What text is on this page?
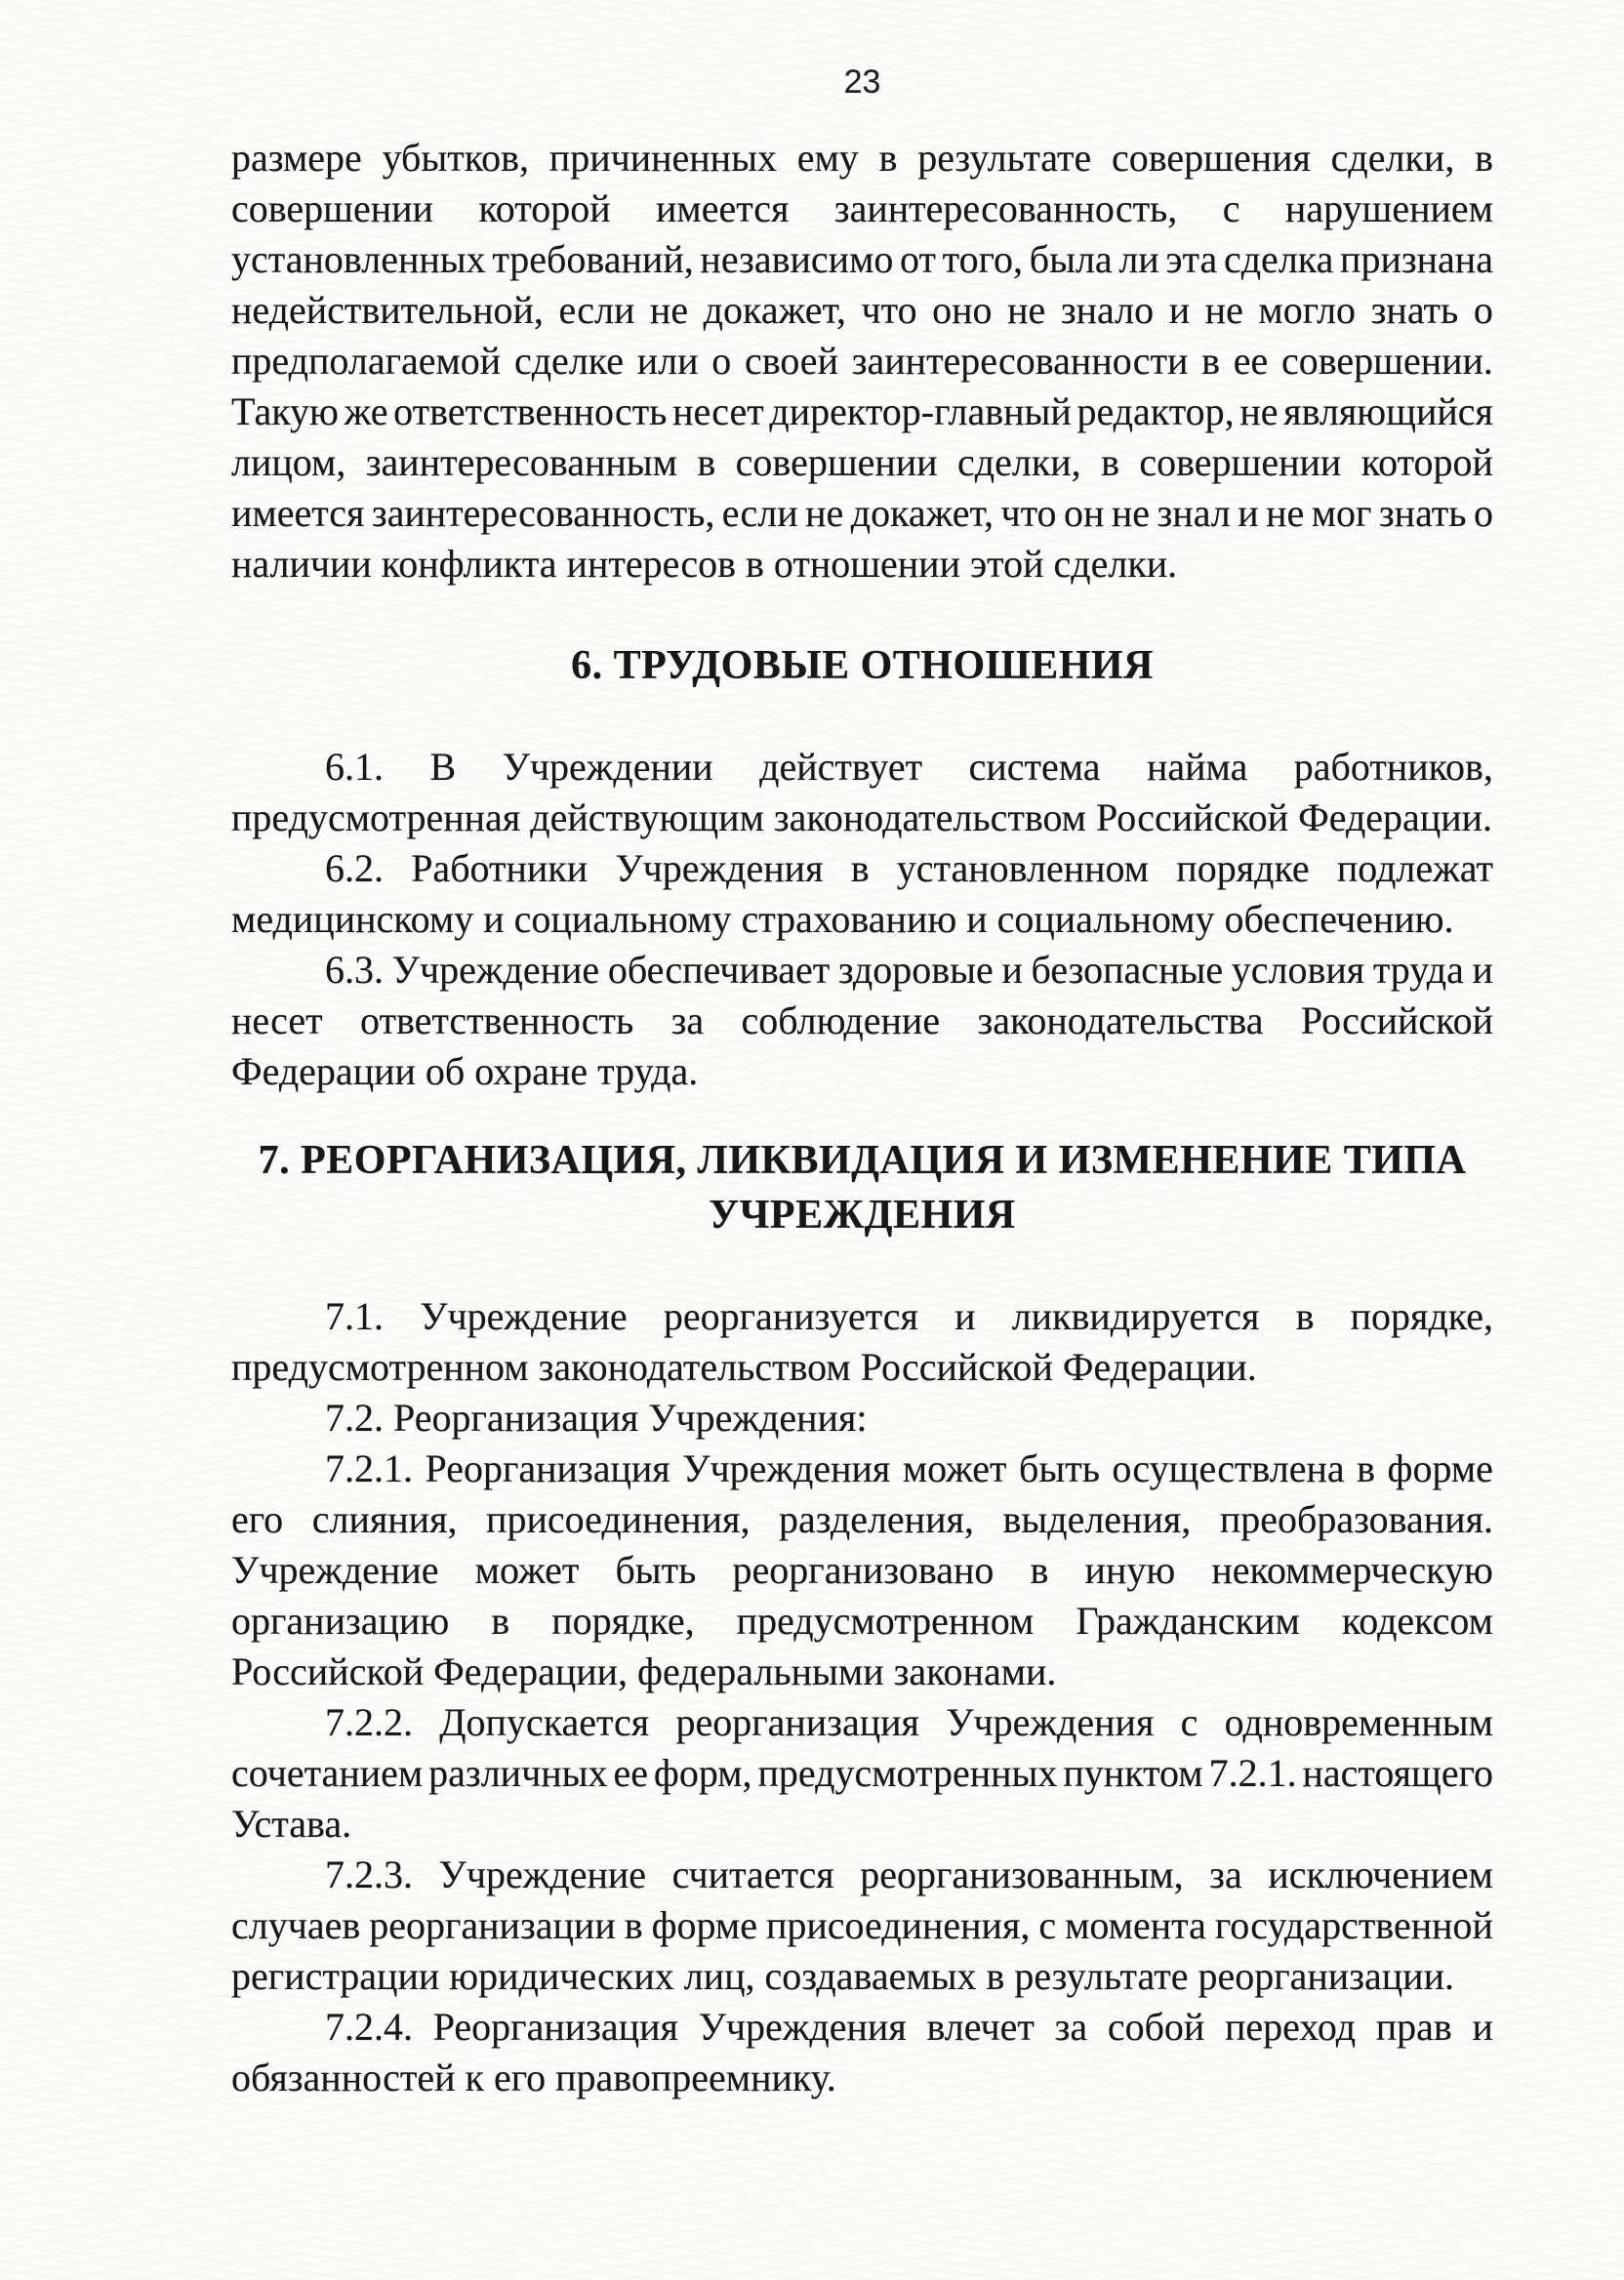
23
размере убытков, причиненных ему в результате совершения сделки, в
совершении которой имеется заинтересованность, с нарушением
установленных требований, независимо от того, была ли эта сделка признана
недействительной, если не докажет, что оно не знало и не могло знать о
предполагаемой сделке или о своей заинтересованности в ее совершении.
Такую же ответственность несет директор-главный редактор, не являющийся
лицом, заинтересованным в совершении сделки, в совершении которой
имеется заинтересованность, если не докажет, что он не знал и не мог знать о
наличии конфликта интересов в отношении этой сделки.
6. ТРУДОВЫЕ ОТНОШЕНИЯ
6.1. В Учреждении действует система найма работников,
предусмотренная действующим законодательством Российской Федерации.
6.2. Работники Учреждения в установленном порядке подлежат
медицинскому и социальному страхованию и социальному обеспечению.
6.3. Учреждение обеспечивает здоровые и безопасные условия труда и
несет ответственность за соблюдение законодательства Российской
Федерации об охране труда.
7. РЕОРГАНИЗАЦИЯ, ЛИКВИДАЦИЯ И ИЗМЕНЕНИЕ ТИПА
УЧРЕЖДЕНИЯ
7.1. Учреждение реорганизуется и ликвидируется в порядке,
предусмотренном законодательством Российской Федерации.
7.2. Реорганизация Учреждения:
7.2.1. Реорганизация Учреждения может быть осуществлена в форме
его слияния, присоединения, разделения, выделения, преобразования.
Учреждение может быть реорганизовано в иную некоммерческую
организацию в порядке, предусмотренном Гражданским кодексом
Российской Федерации, федеральными законами.
7.2.2. Допускается реорганизация Учреждения с одновременным
сочетанием различных ее форм, предусмотренных пунктом 7.2.1. настоящего
Устава.
7.2.3. Учреждение считается реорганизованным, за исключением
случаев реорганизации в форме присоединения, с момента государственной
регистрации юридических лиц, создаваемых в результате реорганизации.
7.2.4. Реорганизация Учреждения влечет за собой переход прав и
обязанностей к его правопреемнику.
